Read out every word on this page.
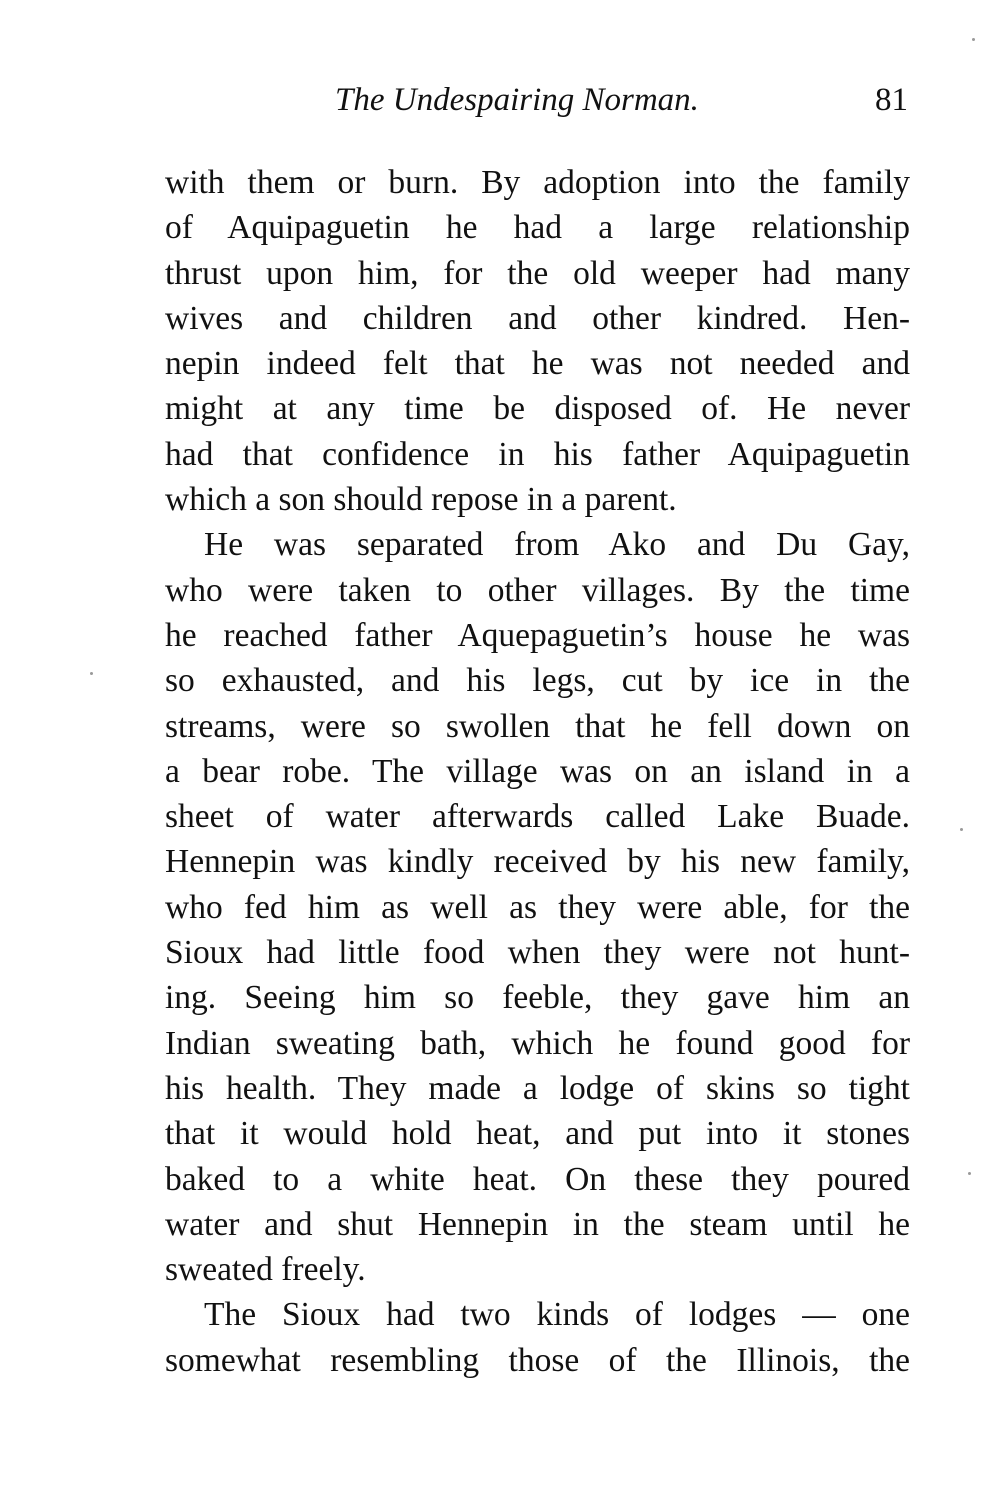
The Undespairing Norman.	81
with them or burn. By adoption into the family
of Aquipaguetin he had a large relationship
thrust upon him, for the old weeper had many
wives and children and other kindred. Hen-
nepin indeed felt that he was not needed and
might at any time be disposed of. He never
had that confidence in his father Aquipaguetin
which a son should repose in a parent.
He was separated from Ako and Du Gay,
who were taken to other villages. By the time
he reached father Aquepaguetin’s house he was
so exhausted, and his legs, cut by ice in the
streams, were so swollen that he fell down on
a bear robe. The village was on an island in a
sheet of water afterwards called Lake Buade.
Hennepin was kindly received by his new family,
who fed him as well as they were able, for the
Sioux had little food when they were not hunt-
ing. Seeing him so feeble, they gave him an
Indian sweating bath, which he found good for
his health. They made a lodge of skins so tight
that it would hold heat, and put into it stones
baked to a white heat. On these they poured
water and shut Hennepin in the steam until he
sweated freely.
The Sioux had two kinds of lodges — one
somewhat resembling those of the Illinois, the
